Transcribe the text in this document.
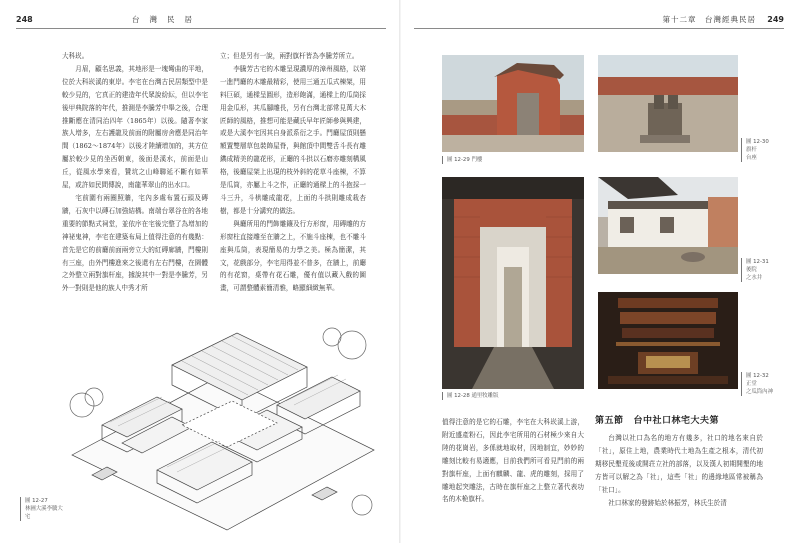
248	台灣民居

大科崁。

月眉，顧名思義，其地形是一塊彎曲的平地，位於大科崁溪的東岸。李宅在台灣古民居類型中是較少見的，它真正的建造年代眾說紛紜，但以李宅後甲典院落的年代，推測是李騰芳中舉之後，合理推斷應在清同治四年（1865年）以後。隨著李家族人增多，左右護龍及前面的附屬房舍應是同治年間（1862～1874年）以後才陸續增加的，其方位屬於較少見的坐西朝東，後面是溪水，前面是山丘，從風水學來看，贊坑之山峰聯延不斷有如華屋，或許如民間傳說，南龍華翠山的出水口。

宅前圍有兩圈照牆，宅內多處布置石頭及磚牆，石灰中以磚石加強結構。南端台翠谷在的各地重要的節點式祠堂，並依序在宅後完整了為增加的神祕鬼神，李宅在建築布局上值得注意的有幾點：首先是它的前廳前面兩旁立大的紅磚廊牆，門樓則有三座，由外門樓進來之後還有左右門樓，在園體之外整立兩對旗杆座，據說其中一對是李騰芳，另外一對則是他的族人中秀才所

立；但是另有一說，兩對旗杆皆為李騰芳所立。

李騰芳古宅的木雕呈現濃厚的漳州風格，以第一進門廳的木雕最精彩，使用三通五瓜式棟架，用料巨碩，通樑呈圓形，造形飽滿，通樑上的瓜筒採用金瓜形，其瓜腳雕長，另有台灣北部常見萬大木匠師的風格，推想可能是藏氏早年匠師參與興建，或是大溪李宅因其自身派系衍之手。門廳屋頂則懸額置雙層草包裝飾屋脊，與館頂中間雙舌斗長有雕鐫成精美的龍花形，正廳的斗拱以石磨亦雕刻構風格，後廳屋架上出現的枝外斜的花草斗座棟，不算是瓜筒，亦屬上斗之作，正廳的通樑上的斗抱採一斗三升，斗栱雕成龍花，上面的斗拱則雕成栽杏樹，都是十分講究的做法。

與廳所用的門飾雕鑲及行方形窗，用磚雕的方形窗柱直接雕至在牆之上，不施斗座棟，也不雕斗座與瓜筒，表現簡易的力學之美。極為簡潔，其文，花戲部分，李宅用得並不普多，在牆上，前廳的有花窗，桌帶有花石雕，優有值以藏入戲的圖畫，可謂整體素簡清雅，略顯細緻無華。

圖 12-27
林圃大溪李騰大宅
第十二章　台灣經典民居 249
圖 12-29 門樓
圖 12-30
旗杆
台座
圖 12-28 通里牧雕版
圖 12-31
後院
之水井
圖 12-32
正堂
之瓜筒內神

值得注意的是它的石雕，李宅在大科崁溪上游，附近盛產粉石，因此李宅所用的石材極少來自大陸的花崗岩，多係就地取材，因地制宜，妙妙的雕刻比較有易適應，目前我們所可看見門前的兩對旗杆座，上面有麒麟、龍、虎的雕刻，採用了雕地起突雕法，古時在旗杆座之上整立著代表功名的木桅旗杆。

第五節 台中社口林宅大夫第

台灣以社口為名的地方有幾多，社口的地名來自於「社」，原住上地，農業時代土地為生產之根本，清代初期移民墾荒後或開荘立社的部落，以及漢人初期開墾的地方皆可以解之為「社」，這些「社」的邊緣地區常被稱為「社口」。

社口林家的發跡始於林振芳，林氏生於清
